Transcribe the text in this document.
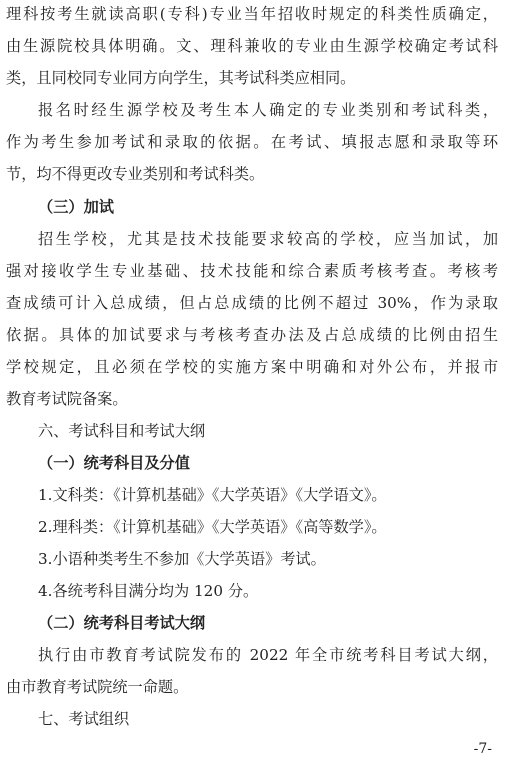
理科按考生就读高职(专科)专业当年招收时规定的科类性质确定，
由生源院校具体明确。文、理科兼收的专业由生源学校确定考试科
类，且同校同专业同方向学生，其考试科类应相同。
报名时经生源学校及考生本人确定的专业类别和考试科类，
作为考生参加考试和录取的依据。在考试、填报志愿和录取等环
节，均不得更改专业类别和考试科类。
（三）加试
招生学校，尤其是技术技能要求较高的学校，应当加试，加
强对接收学生专业基础、技术技能和综合素质考核考查。考核考
查成绩可计入总成绩，但占总成绩的比例不超过 30%，作为录取
依据。具体的加试要求与考核考查办法及占总成绩的比例由招生
学校规定，且必须在学校的实施方案中明确和对外公布，并报市
教育考试院备案。
六、考试科目和考试大纲
（一）统考科目及分值
1.文科类：《计算机基础》《大学英语》《大学语文》。
2.理科类：《计算机基础》《大学英语》《高等数学》。
3.小语种类考生不参加《大学英语》考试。
4.各统考科目满分均为 120 分。
（二）统考科目考试大纲
执行由市教育考试院发布的 2022 年全市统考科目考试大纲，
由市教育考试院统一命题。
七、考试组织
-7-
